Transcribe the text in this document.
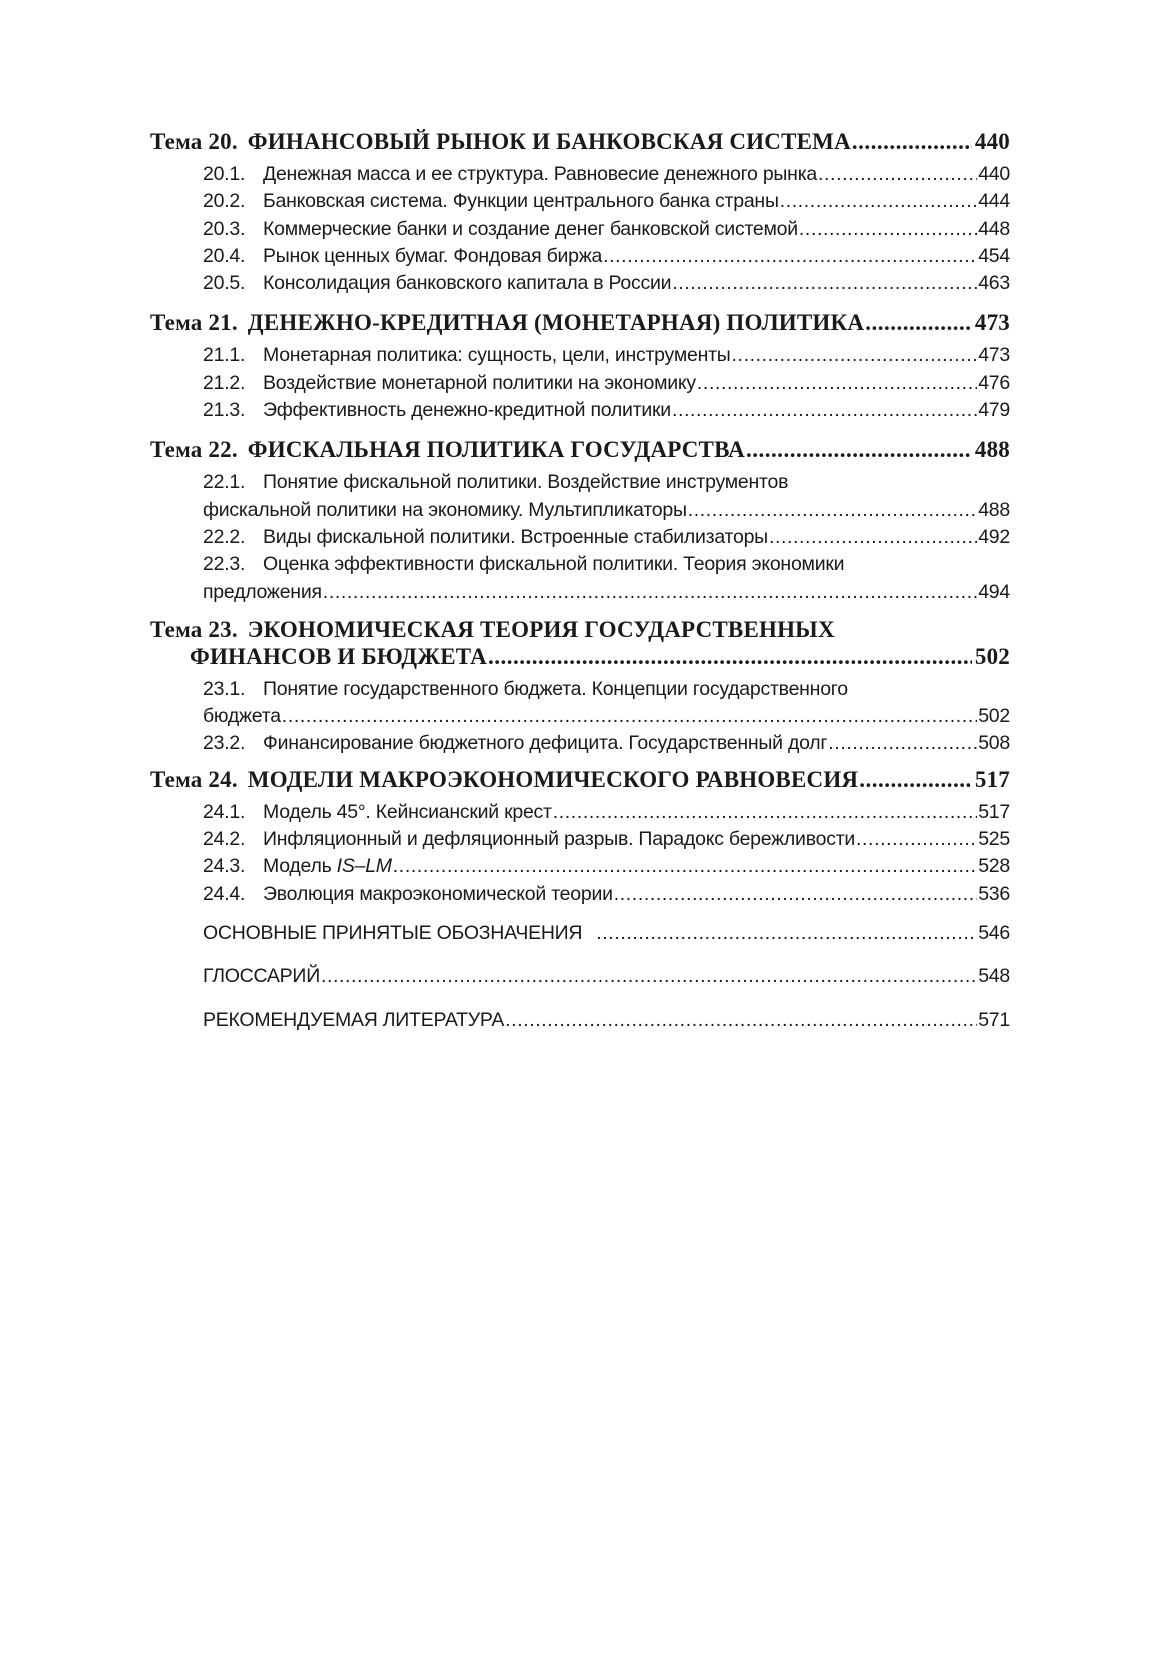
Тема 20. ФИНАНСОВЫЙ РЫНОК И БАНКОВСКАЯ СИСТЕМА .....	440
20.1. Денежная масса и ее структура. Равновесие денежного рынка .....	440
20.2. Банковская система. Функции центрального банка страны .....	444
20.3. Коммерческие банки и создание денег банковской системой .....	448
20.4. Рынок ценных бумаг. Фондовая биржа .....	454
20.5. Консолидация банковского капитала в России .....	463
Тема 21. ДЕНЕЖНО-КРЕДИТНАЯ (МОНЕТАРНАЯ) ПОЛИТИКА .....	473
21.1. Монетарная политика: сущность, цели, инструменты .....	473
21.2. Воздействие монетарной политики на экономику .....	476
21.3. Эффективность денежно-кредитной политики .....	479
Тема 22. ФИСКАЛЬНАЯ ПОЛИТИКА ГОСУДАРСТВА .....	488
22.1. Понятие фискальной политики. Воздействие инструментов
фискальной политики на экономику. Мультипликаторы .....	488
22.2. Виды фискальной политики. Встроенные стабилизаторы .....	492
22.3. Оценка эффективности фискальной политики. Теория экономики
предложения .....	494
Тема 23. ЭКОНОМИЧЕСКАЯ ТЕОРИЯ ГОСУДАРСТВЕННЫХ
ФИНАНСОВ И БЮДЖЕТА .....	502
23.1. Понятие государственного бюджета. Концепции государственного
бюджета .....	502
23.2. Финансирование бюджетного дефицита. Государственный долг .....	508
Тема 24. МОДЕЛИ МАКРОЭКОНОМИЧЕСКОГО РАВНОВЕСИЯ .....	517
24.1. Модель 45°. Кейнсианский крест .....	517
24.2. Инфляционный и дефляционный разрыв. Парадокс бережливости .....	525
24.3. Модель IS–LM .....	528
24.4. Эволюция макроэкономической теории .....	536
ОСНОВНЫЕ ПРИНЯТЫЕ ОБОЗНАЧЕНИЯ .....	546
ГЛОССАРИЙ .....	548
РЕКОМЕНДУЕМАЯ ЛИТЕРАТУРА .....	571
